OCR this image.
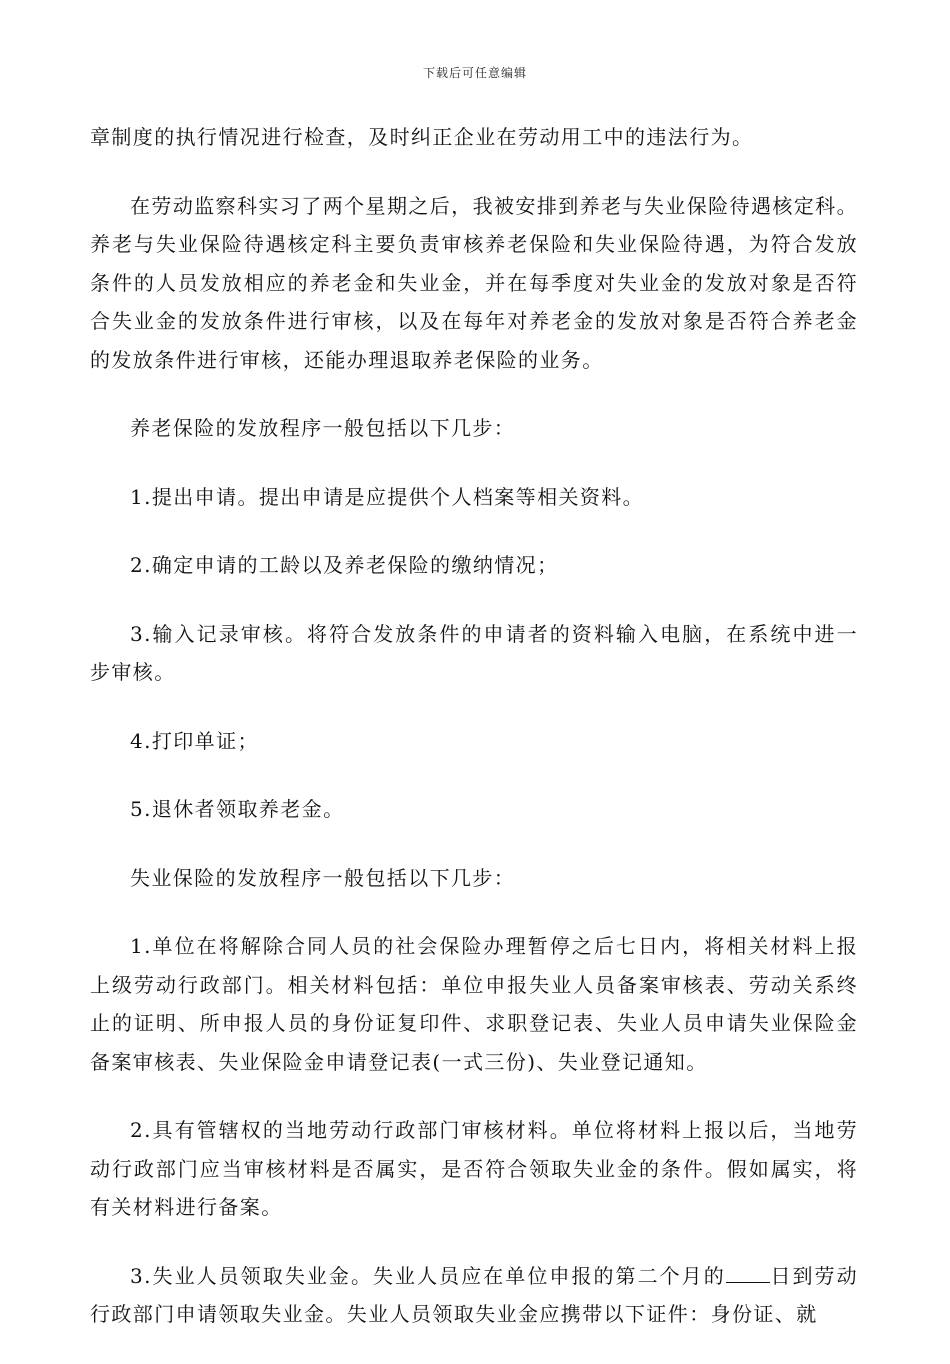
下载后可任意编辑

章制度的执行情况进行检查，及时纠正企业在劳动用工中的违法行为。

在劳动监察科实习了两个星期之后，我被安排到养老与失业保险待遇核定科。养老与失业保险待遇核定科主要负责审核养老保险和失业保险待遇，为符合发放条件的人员发放相应的养老金和失业金，并在每季度对失业金的发放对象是否符合失业金的发放条件进行审核，以及在每年对养老金的发放对象是否符合养老金的发放条件进行审核，还能办理退取养老保险的业务。

养老保险的发放程序一般包括以下几步：

1.提出申请。提出申请是应提供个人档案等相关资料。

2.确定申请的工龄以及养老保险的缴纳情况；

3.输入记录审核。将符合发放条件的申请者的资料输入电脑，在系统中进一步审核。

4.打印单证；

5.退休者领取养老金。

失业保险的发放程序一般包括以下几步：

1.单位在将解除合同人员的社会保险办理暂停之后七日内，将相关材料上报上级劳动行政部门。相关材料包括：单位申报失业人员备案审核表、劳动关系终止的证明、所申报人员的身份证复印件、求职登记表、失业人员申请失业保险金备案审核表、失业保险金申请登记表(一式三份)、失业登记通知。

2.具有管辖权的当地劳动行政部门审核材料。单位将材料上报以后，当地劳动行政部门应当审核材料是否属实，是否符合领取失业金的条件。假如属实，将有关材料进行备案。

3.失业人员领取失业金。失业人员应在单位申报的第二个月的 日到劳动行政部门申请领取失业金。失业人员领取失业金应携带以下证件：身份证、就
